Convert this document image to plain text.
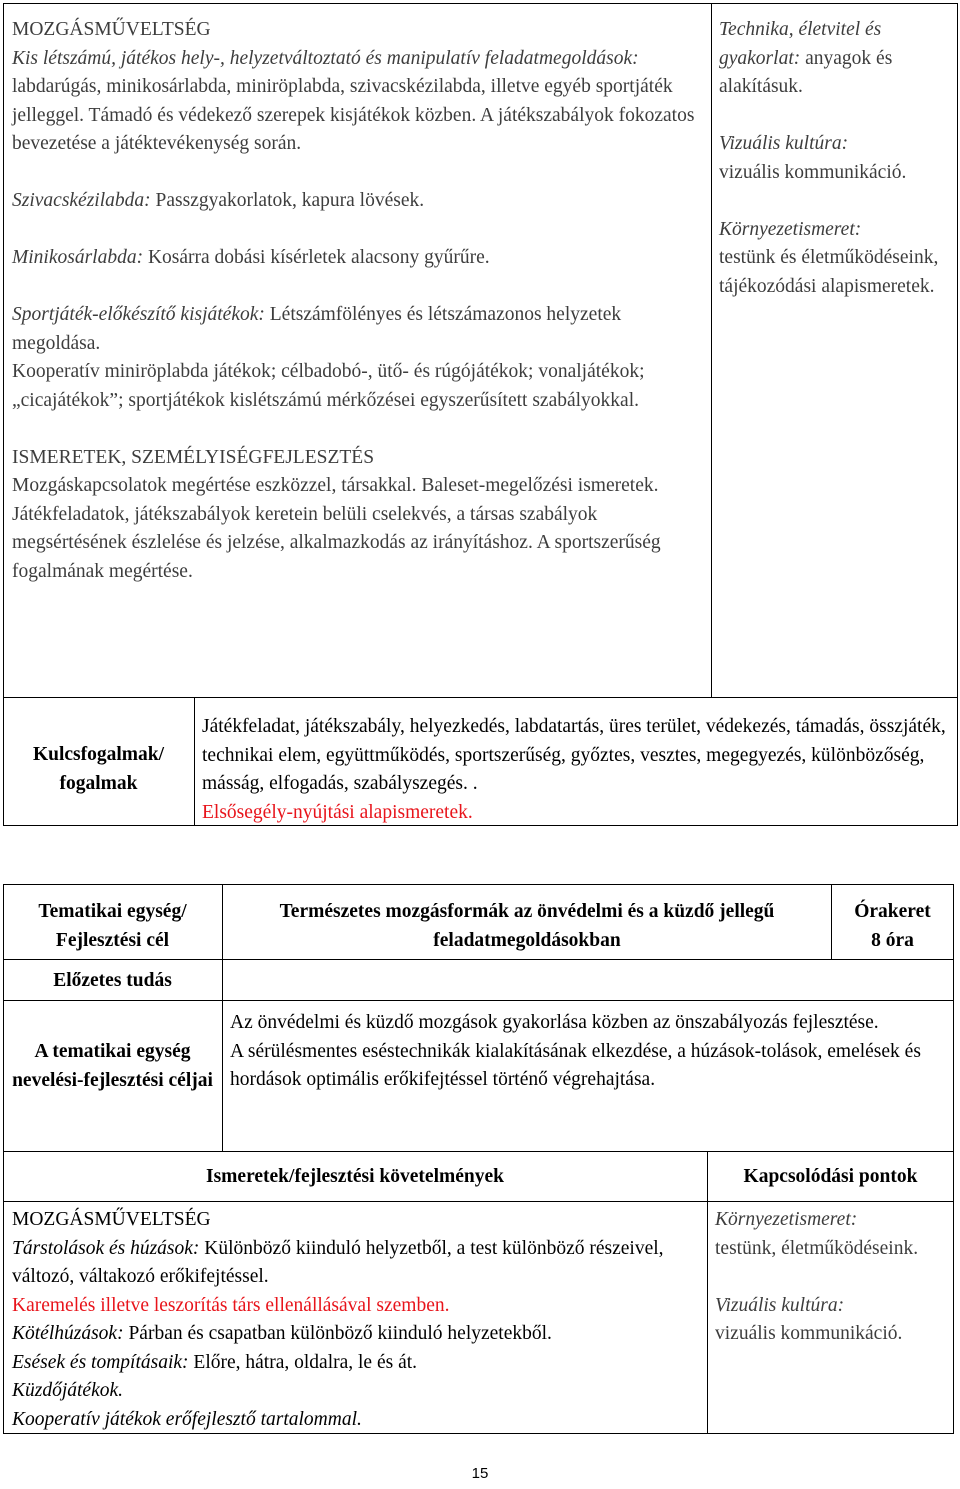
MOZGÁSMŰVELTSÉG

Kis létszámú, játékos hely-, helyzetváltoztató és manipulatív feladatmegoldások: labdarúgás, minikosárlabda, miniröplabda, szivacskézilabda, illetve egyéb sportjáték jelleggel. Támadó és védekező szerepek kisjátékok közben. A játékszabályok fokozatos bevezetése a játéktevékenység során.

Szivacskézilabda: Passzgyakorlatok, kapura lövések.

Minikosárlabda: Kosárra dobási kísérletek alacsony gyűrűre.

Sportjáték-előkészítő kisjátékok: Létszámfölényes és létszámazonos helyzetek megoldása.

Kooperatív miniröplabda játékok; célbadobó-, ütő- és rúgójátékok; vonaljátékok; „cicajátékok”; sportjátékok kislétszámú mérkőzései egyszerűsített szabályokkal.

ISMERETEK, SZEMÉLYISÉGFEJLESZTÉS

Mozgáskapcsolatok megértése eszközzel, társakkal. Baleset-megelőzési ismeretek.

Játékfeladatok, játékszabályok keretein belüli cselekvés, a társas szabályok megsértésének észlelése és jelzése, alkalmazkodás az irányításhoz. A sportszerűség fogalmának megértése.

Technika, életvitel és gyakorlat: anyagok és alakításuk.

Vizuális kultúra:

vizuális kommunikáció.

Környezetismeret:

testünk és életműködéseink, tájékozódási alapismeretek.

Kulcsfogalmak/ fogalmak

Játékfeladat, játékszabály, helyezkedés, labdatartás, üres terület, védekezés, támadás, összjáték, technikai elem, együttműködés, sportszerűség, győztes, vesztes, megegyezés, különbözőség, másság, elfogadás, szabályszegés. .

Elsősegély-nyújtási alapismeretek.

Tematikai egység/ Fejlesztési cél
Természetes mozgásformák az önvédelmi és a küzdő jellegű feladatmegoldásokban

Órakeret

8 óra

Előzetes tudás
A tematikai egység nevelési-fejlesztési céljai

Az önvédelmi és küzdő mozgások gyakorlása közben az önszabályozás fejlesztése.

A sérülésmentes eséstechnikák kialakításának elkezdése, a húzások-tolások, emelések és hordások optimális erőkifejtéssel történő végrehajtása.

Ismeretek/fejlesztési követelmények	Kapcsolódási pontok

MOZGÁSMŰVELTSÉG

Társtolások és húzások: Különböző kiinduló helyzetből, a test különböző részeivel, változó, váltakozó erőkifejtéssel.

Karemelés illetve leszorítás társ ellenállásával szemben.

Kötélhúzások: Párban és csapatban különböző kiinduló helyzetekből.

Esések és tompításaik: Előre, hátra, oldalra, le és át.

Küzdőjátékok.

Kooperatív játékok erőfejlesztő tartalommal.

Környezetismeret:

testünk, életműködéseink.

Vizuális kultúra:

vizuális kommunikáció.

15
